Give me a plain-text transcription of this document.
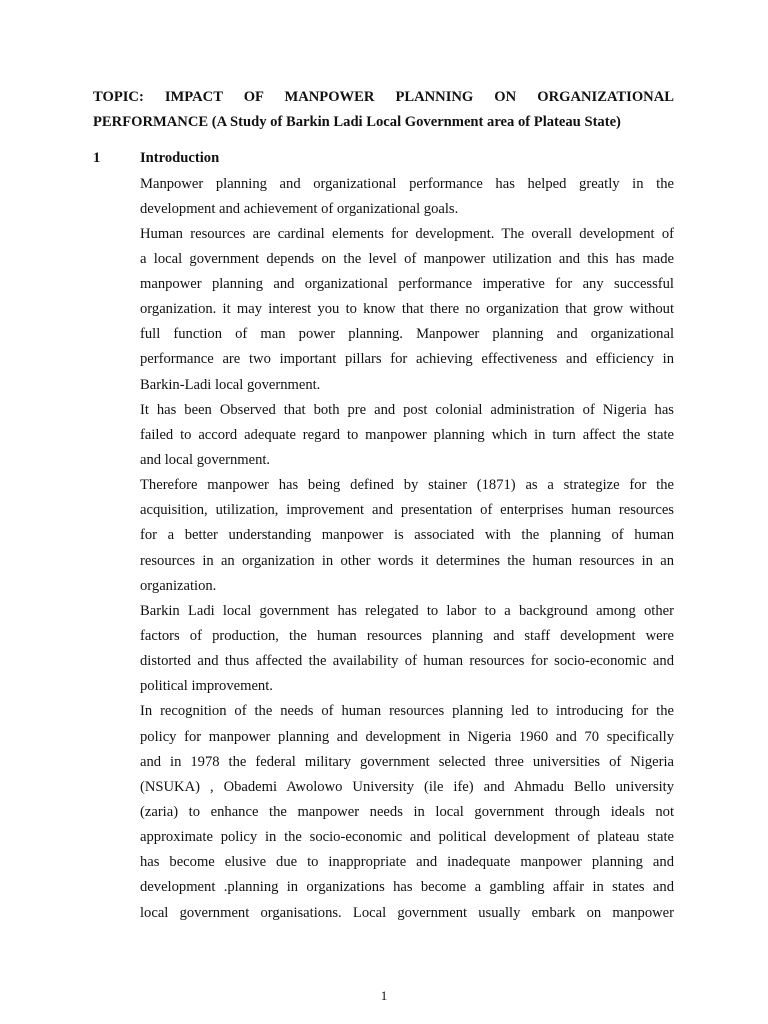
TOPIC: IMPACT OF MANPOWER PLANNING ON ORGANIZATIONAL
PERFORMANCE (A Study of Barkin Ladi Local Government area of Plateau State)
1	Introduction
Manpower planning and organizational performance has helped greatly in the
development and achievement of organizational goals.
Human resources are cardinal elements for development. The overall development of
a local government depends on the level of manpower utilization and this has made
manpower planning and organizational performance imperative for any successful
organization. it may interest you to know that there no organization that grow without
full function of man power planning. Manpower planning and organizational
performance are two important pillars for achieving effectiveness and efficiency in
Barkin-Ladi local government.
It has been Observed that both pre and post colonial administration of Nigeria has
failed to accord adequate regard to manpower planning which in turn affect the state
and local government.
Therefore manpower has being defined by stainer (1871) as a strategize for the
acquisition, utilization, improvement and presentation of enterprises human resources
for a better understanding manpower is associated with the planning of human
resources in an organization in other words it determines the human resources in an
organization.
Barkin Ladi local government has relegated to labor to a background among other
factors of production, the human resources planning and staff development were
distorted and thus affected the availability of human resources for socio-economic and
political improvement.
In recognition of the needs of human resources planning led to introducing for the
policy for manpower planning and development in Nigeria 1960 and 70 specifically
and in 1978 the federal military government selected three universities of Nigeria
(NSUKA) , Obademi Awolowo University (ile ife) and Ahmadu Bello university
(zaria) to enhance the manpower needs in local government through ideals not
approximate policy in the socio-economic and political development of plateau state
has become elusive due to inappropriate and inadequate manpower planning and
development .planning in organizations has become a gambling affair in states and
local government organisations. Local government usually embark on manpower
1
